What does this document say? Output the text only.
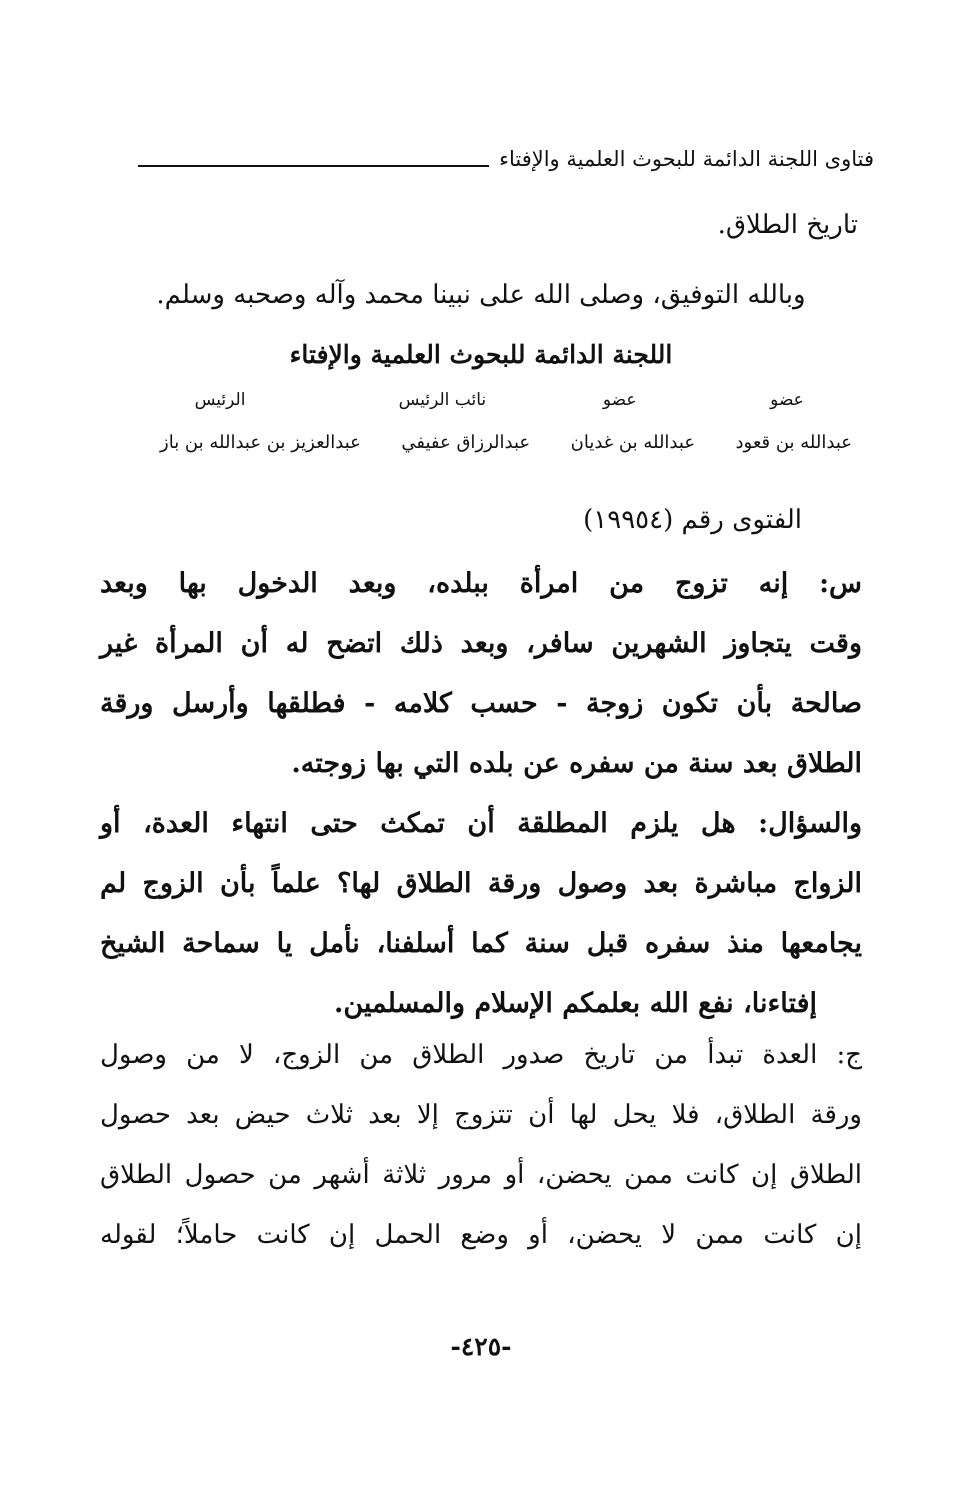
فتاوى اللجنة الدائمة للبحوث العلمية والإفتاء
تاريخ الطلاق.
وبالله التوفيق، وصلى الله على نبينا محمد وآله وصحبه وسلم.
اللجنة الدائمة للبحوث العلمية والإفتاء
عضو
عضو
نائب الرئيس
الرئيس
عبدالله بن قعود
عبدالله بن غديان
عبدالرزاق عفيفي
عبدالعزيز بن عبدالله بن باز
الفتوى رقم (١٩٩٥٤)
س: إنه تزوج من امرأة ببلده، وبعد الدخول بها وبعد
وقت يتجاوز الشهرين سافر، وبعد ذلك اتضح له أن المرأة غير
صالحة بأن تكون زوجة - حسب كلامه - فطلقها وأرسل ورقة
الطلاق بعد سنة من سفره عن بلده التي بها زوجته.
والسؤال: هل يلزم المطلقة أن تمكث حتى انتهاء العدة، أو
الزواج مباشرة بعد وصول ورقة الطلاق لها؟ علماً بأن الزوج لم
يجامعها منذ سفره قبل سنة كما أسلفنا، نأمل يا سماحة الشيخ
إفتاءنا، نفع الله بعلمكم الإسلام والمسلمين.
ج: العدة تبدأ من تاريخ صدور الطلاق من الزوج، لا من وصول
ورقة الطلاق، فلا يحل لها أن تتزوج إلا بعد ثلاث حيض بعد حصول
الطلاق إن كانت ممن يحضن، أو مرور ثلاثة أشهر من حصول الطلاق
إن كانت ممن لا يحضن، أو وضع الحمل إن كانت حاملاً؛ لقوله
-٤٢٥-
